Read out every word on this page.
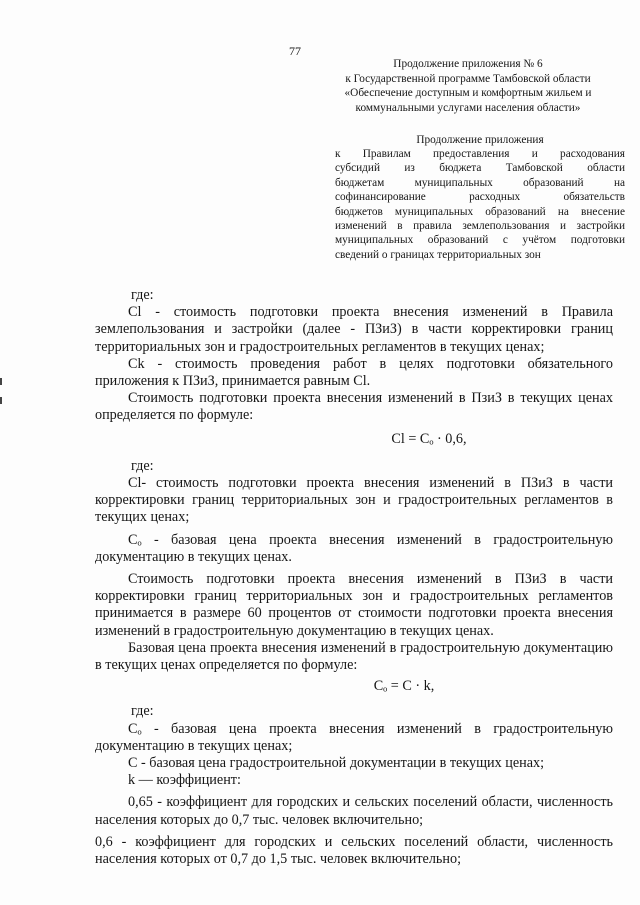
77
Продолжение приложения № 6
к Государственной программе Тамбовской области
«Обеспечение доступным и комфортным жильем и
коммунальными услугами населения области»
Продолжение приложения
к Правилам предоставления и расходования
субсидий из бюджета Тамбовской области
бюджетам муниципальных образований на
софинансирование расходных обязательств
бюджетов муниципальных образований на внесение
изменений в правила землепользования и застройки
муниципальных образований с учётом подготовки
сведений о границах территориальных зон

где:

Cl - стоимость подготовки проекта внесения изменений в Правила землепользования и застройки (далее - ПЗиЗ) в части корректировки границ территориальных зон и градостроительных регламентов в текущих ценах;

Ck - стоимость проведения работ в целях подготовки обязательного приложения к ПЗиЗ, принимается равным Cl.

Стоимость подготовки проекта внесения изменений в ПзиЗ в текущих ценах определяется по формуле:

Cl = Cₒ · 0,6,

где:

Cl- стоимость подготовки проекта внесения изменений в ПЗиЗ в части корректировки границ территориальных зон и градостроительных регламентов в текущих ценах;

Cₒ - базовая цена проекта внесения изменений в градостроительную документацию в текущих ценах.

Стоимость подготовки проекта внесения изменений в ПЗиЗ в части корректировки границ территориальных зон и градостроительных регламентов принимается в размере 60 процентов от стоимости подготовки проекта внесения изменений в градостроительную документацию в текущих ценах.

Базовая цена проекта внесения изменений в градостроительную документацию в текущих ценах определяется по формуле:

Cₒ = C · k,

где:

Cₒ - базовая цена проекта внесения изменений в градостроительную документацию в текущих ценах;

C - базовая цена градостроительной документации в текущих ценах;

k — коэффициент:

0,65 - коэффициент для городских и сельских поселений области, численность населения которых до 0,7 тыс. человек включительно;

0,6 - коэффициент для городских и сельских поселений области, численность населения которых от 0,7 до 1,5 тыс. человек включительно;
